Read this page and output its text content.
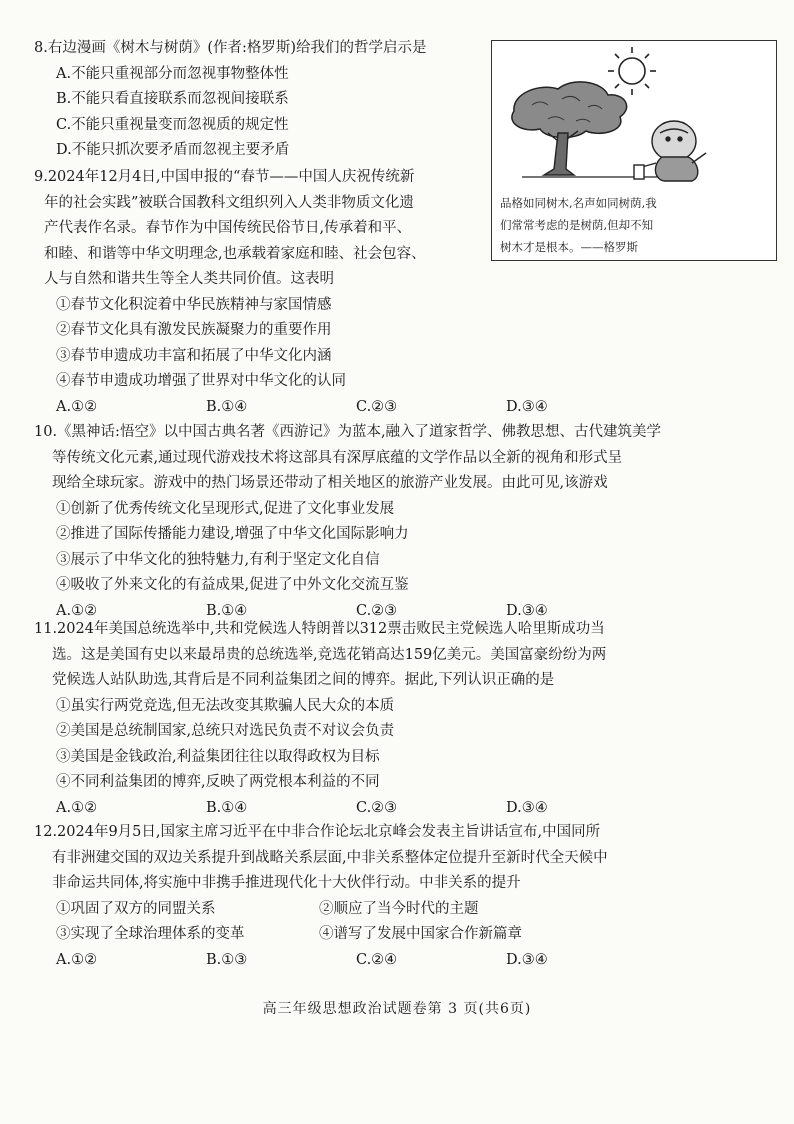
8.右边漫画《树木与树荫》(作者:格罗斯)给我们的哲学启示是
A.不能只重视部分而忽视事物整体性
B.不能只看直接联系而忽视间接联系
C.不能只重视量变而忽视质的规定性
D.不能只抓次要矛盾而忽视主要矛盾
品格如同树木,名声如同树荫,我
们常常考虑的是树荫,但却不知
树木才是根本。——格罗斯
9.2024年12月4日,中国申报的“春节——中国人庆祝传统新
年的社会实践”被联合国教科文组织列入人类非物质文化遗
产代表作名录。春节作为中国传统民俗节日,传承着和平、
和睦、和谐等中华文明理念,也承载着家庭和睦、社会包容、
人与自然和谐共生等全人类共同价值。这表明
①春节文化积淀着中华民族精神与家国情感
②春节文化具有激发民族凝聚力的重要作用
③春节申遗成功丰富和拓展了中华文化内涵
④春节申遗成功增强了世界对中华文化的认同
A.①②	B.①④	C.②③	D.③④
10.《黑神话:悟空》以中国古典名著《西游记》为蓝本,融入了道家哲学、佛教思想、古代建筑美学
等传统文化元素,通过现代游戏技术将这部具有深厚底蕴的文学作品以全新的视角和形式呈
现给全球玩家。游戏中的热门场景还带动了相关地区的旅游产业发展。由此可见,该游戏
①创新了优秀传统文化呈现形式,促进了文化事业发展
②推进了国际传播能力建设,增强了中华文化国际影响力
③展示了中华文化的独特魅力,有利于坚定文化自信
④吸收了外来文化的有益成果,促进了中外文化交流互鉴
A.①②	B.①④	C.②③	D.③④
11.2024年美国总统选举中,共和党候选人特朗普以312票击败民主党候选人哈里斯成功当
选。这是美国有史以来最昂贵的总统选举,竞选花销高达159亿美元。美国富豪纷纷为两
党候选人站队助选,其背后是不同利益集团之间的博弈。据此,下列认识正确的是
①虽实行两党竞选,但无法改变其欺骗人民大众的本质
②美国是总统制国家,总统只对选民负责不对议会负责
③美国是金钱政治,利益集团往往以取得政权为目标
④不同利益集团的博弈,反映了两党根本利益的不同
A.①②	B.①④	C.②③	D.③④
12.2024年9月5日,国家主席习近平在中非合作论坛北京峰会发表主旨讲话宣布,中国同所
有非洲建交国的双边关系提升到战略关系层面,中非关系整体定位提升至新时代全天候中
非命运共同体,将实施中非携手推进现代化十大伙伴行动。中非关系的提升
①巩固了双方的同盟关系	②顺应了当今时代的主题
③实现了全球治理体系的变革	④谱写了发展中国家合作新篇章
A.①②	B.①③	C.②④	D.③④
高三年级思想政治试题卷第 3 页(共6页)
